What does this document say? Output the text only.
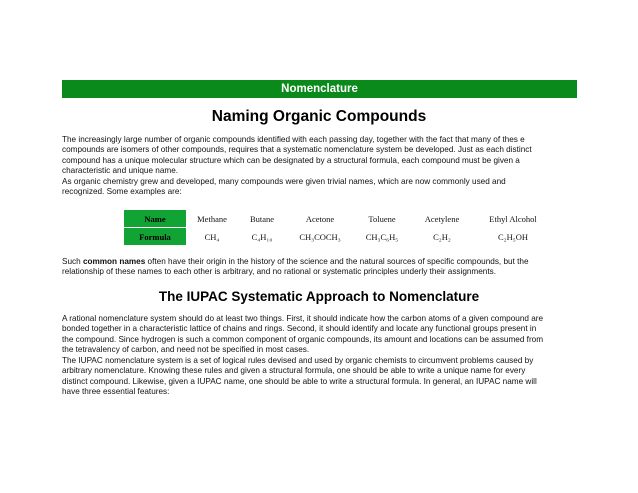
Nomenclature
Naming Organic Compounds
The increasingly large number of organic compounds identified with each passing day, together with the fact that many of thes e
compounds are isomers of other compounds, requires that a systematic nomenclature system be developed. Just as each distinct
compound has a unique molecular structure which can be designated by a structural formula, each compound must be given a
characteristic and unique name.
As organic chemistry grew and developed, many compounds were given trivial names, which are now commonly used and
recognized. Some examples are:
Name	Methane	Butane	Acetone	Toluene	Acetylene	Ethyl Alcohol
Formula	CH₄	C₄H₁₀	CH₃COCH₃	CH₃C₆H₅	C₂H₂	C₂H₅OH
Such common names often have their origin in the history of the science and the natural sources of specific compounds, but the
relationship of these names to each other is arbitrary, and no rational or systematic principles underly their assignments.
The IUPAC Systematic Approach to Nomenclature
A rational nomenclature system should do at least two things. First, it should indicate how the carbon atoms of a given compound are
bonded together in a characteristic lattice of chains and rings. Second, it should identify and locate any functional groups present in
the compound. Since hydrogen is such a common component of organic compounds, its amount and locations can be assumed from
the tetravalency of carbon, and need not be specified in most cases.
The IUPAC nomenclature system is a set of logical rules devised and used by organic chemists to circumvent problems caused by
arbitrary nomenclature. Knowing these rules and given a structural formula, one should be able to write a unique name for every
distinct compound. Likewise, given a IUPAC name, one should be able to write a structural formula. In general, an IUPAC name will
have three essential features:
